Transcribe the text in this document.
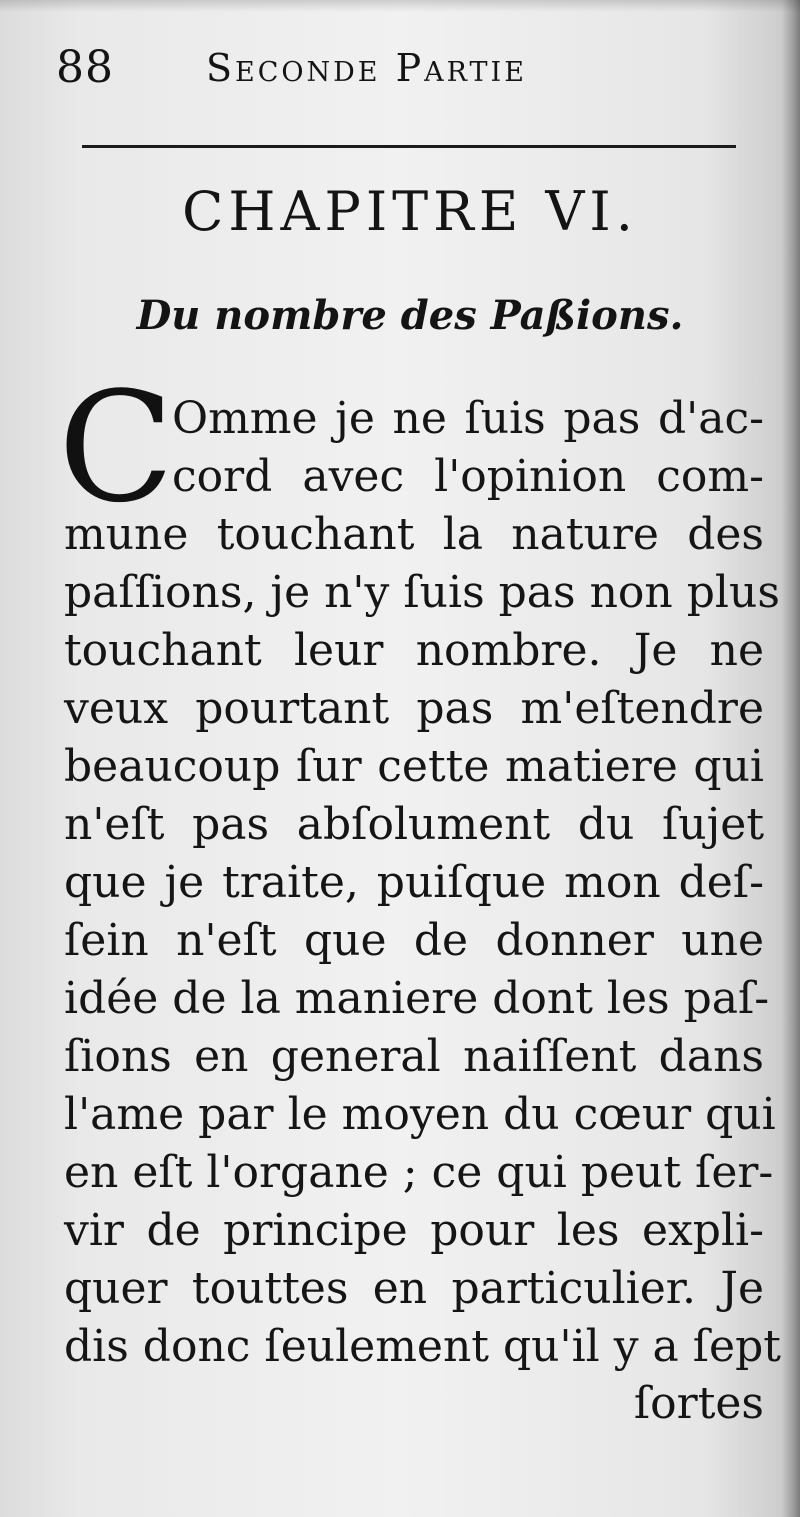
88 Seconde Partie
CHAPITRE VI.
Du nombre des Paßions.
C
Omme je ne ſuis pas d'ac-
cord avec l'opinion com-
mune touchant la nature des
paſſions, je n'y ſuis pas non plus
touchant leur nombre. Je ne
veux pourtant pas m'eſtendre
beaucoup ſur cette matiere qui
n'eſt pas abſolument du ſujet
que je traite, puiſque mon deſ-
ſein n'eſt que de donner une
idée de la maniere dont les paſ-
ſions en general naiſſent dans
l'ame par le moyen du cœur qui
en eſt l'organe ; ce qui peut ſer-
vir de principe pour les expli-
quer touttes en particulier. Je
dis donc ſeulement qu'il y a ſept
ſortes
